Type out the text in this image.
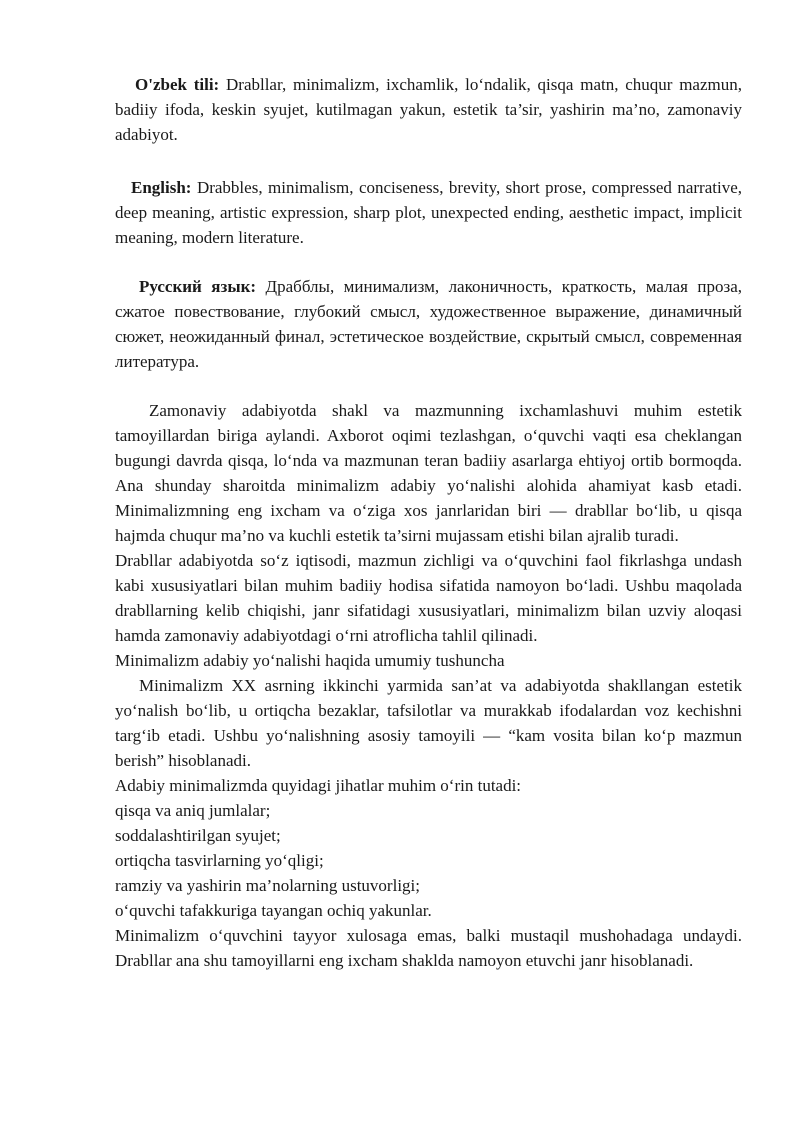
O'zbek tili: Drabllar, minimalizm, ixchamlik, lo‘ndalik, qisqa matn, chuqur mazmun, badiiy ifoda, keskin syujet, kutilmagan yakun, estetik ta’sir, yashirin ma’no, zamonaviy adabiyot.
English: Drabbles, minimalism, conciseness, brevity, short prose, compressed narrative, deep meaning, artistic expression, sharp plot, unexpected ending, aesthetic impact, implicit meaning, modern literature.
Русский язык: Драбблы, минимализм, лаконичность, краткость, малая проза, сжатое повествование, глубокий смысл, художественное выражение, динамичный сюжет, неожиданный финал, эстетическое воздействие, скрытый смысл, современная литература.

Zamonaviy adabiyotda shakl va mazmunning ixchamlashuvi muhim estetik tamoyillardan biriga aylandi. Axborot oqimi tezlashgan, o‘quvchi vaqti esa cheklangan bugungi davrda qisqa, lo‘nda va mazmunan teran badiiy asarlarga ehtiyoj ortib bormoqda. Ana shunday sharoitda minimalizm adabiy yo‘nalishi alohida ahamiyat kasb etadi. Minimalizmning eng ixcham va o‘ziga xos janrlaridan biri — drabllar bo‘lib, u qisqa hajmda chuqur ma’no va kuchli estetik ta’sirni mujassam etishi bilan ajralib turadi.

Drabllar adabiyotda so‘z iqtisodi, mazmun zichligi va o‘quvchini faol fikrlashga undash kabi xususiyatlari bilan muhim badiiy hodisa sifatida namoyon bo‘ladi. Ushbu maqolada drabllarning kelib chiqishi, janr sifatidagi xususiyatlari, minimalizm bilan uzviy aloqasi hamda zamonaviy adabiyotdagi o‘rni atroflicha tahlil qilinadi.

Minimalizm adabiy yo‘nalishi haqida umumiy tushuncha

Minimalizm XX asrning ikkinchi yarmida san’at va adabiyotda shakllangan estetik yo‘nalish bo‘lib, u ortiqcha bezaklar, tafsilotlar va murakkab ifodalardan voz kechishni targ‘ib etadi. Ushbu yo‘nalishning asosiy tamoyili — “kam vosita bilan ko‘p mazmun berish” hisoblanadi.

Adabiy minimalizmda quyidagi jihatlar muhim o‘rin tutadi:

qisqa va aniq jumlalar;

soddalashtirilgan syujet;

ortiqcha tasvirlarning yo‘qligi;

ramziy va yashirin ma’nolarning ustuvorligi;

o‘quvchi tafakkuriga tayangan ochiq yakunlar.

Minimalizm o‘quvchini tayyor xulosaga emas, balki mustaqil mushohadaga undaydi. Drabllar ana shu tamoyillarni eng ixcham shaklda namoyon etuvchi janr hisoblanadi.
